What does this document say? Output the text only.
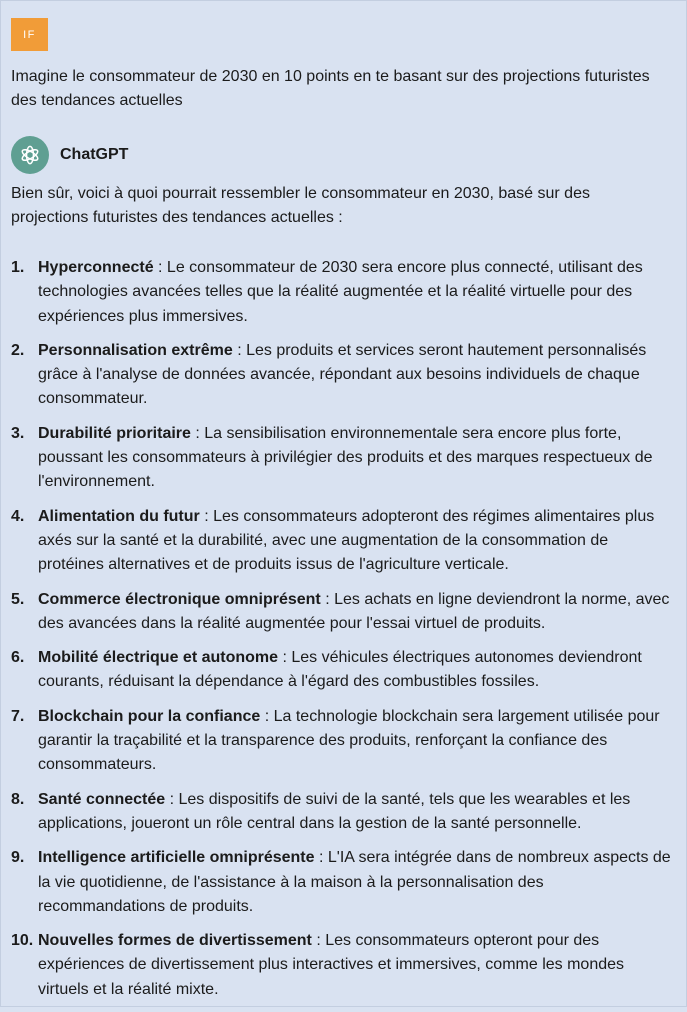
IF
Imagine le consommateur de 2030 en 10 points en te basant sur des projections futuristes des tendances actuelles
ChatGPT
Bien sûr, voici à quoi pourrait ressembler le consommateur en 2030, basé sur des projections futuristes des tendances actuelles :
1. Hyperconnecté : Le consommateur de 2030 sera encore plus connecté, utilisant des technologies avancées telles que la réalité augmentée et la réalité virtuelle pour des expériences plus immersives.
2. Personnalisation extrême : Les produits et services seront hautement personnalisés grâce à l'analyse de données avancée, répondant aux besoins individuels de chaque consommateur.
3. Durabilité prioritaire : La sensibilisation environnementale sera encore plus forte, poussant les consommateurs à privilégier des produits et des marques respectueux de l'environnement.
4. Alimentation du futur : Les consommateurs adopteront des régimes alimentaires plus axés sur la santé et la durabilité, avec une augmentation de la consommation de protéines alternatives et de produits issus de l'agriculture verticale.
5. Commerce électronique omniprésent : Les achats en ligne deviendront la norme, avec des avancées dans la réalité augmentée pour l'essai virtuel de produits.
6. Mobilité électrique et autonome : Les véhicules électriques autonomes deviendront courants, réduisant la dépendance à l'égard des combustibles fossiles.
7. Blockchain pour la confiance : La technologie blockchain sera largement utilisée pour garantir la traçabilité et la transparence des produits, renforçant la confiance des consommateurs.
8. Santé connectée : Les dispositifs de suivi de la santé, tels que les wearables et les applications, joueront un rôle central dans la gestion de la santé personnelle.
9. Intelligence artificielle omniprésente : L'IA sera intégrée dans de nombreux aspects de la vie quotidienne, de l'assistance à la maison à la personnalisation des recommandations de produits.
10. Nouvelles formes de divertissement : Les consommateurs opteront pour des expériences de divertissement plus interactives et immersives, comme les mondes virtuels et la réalité mixte.
